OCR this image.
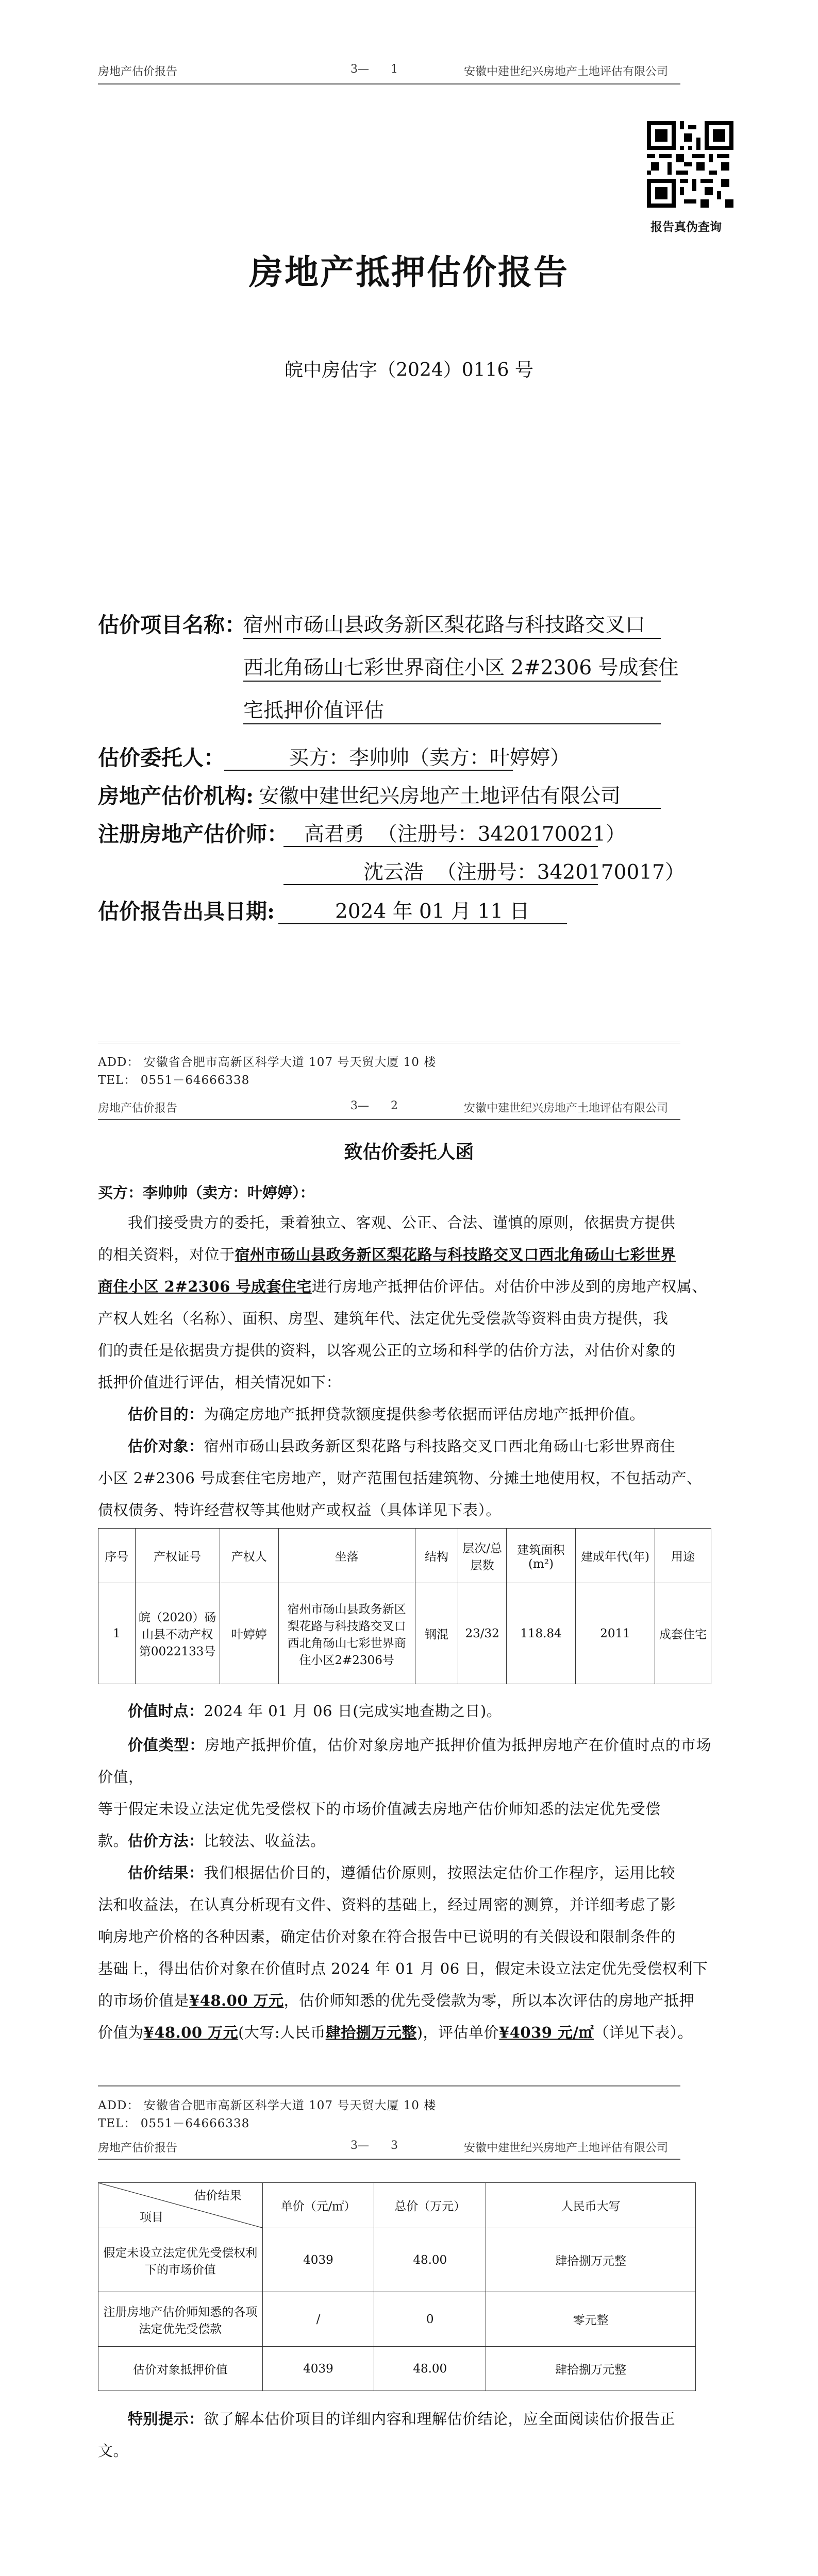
房地产估价报告	3—      1	安徽中建世纪兴房地产土地评估有限公司
报告真伪查询
房地产抵押估价报告
皖中房估字（2024）0116 号
估价项目名称：
宿州市砀山县政务新区梨花路与科技路交叉口
西北角砀山七彩世界商住小区 2#2306 号成套住
宅抵押价值评估
估价委托人：	买方：李帅帅（卖方：叶婷婷）
房地产估价机构: 安徽中建世纪兴房地产土地评估有限公司
注册房地产估价师： 高君勇  （注册号：3420170021）
沈云浩  （注册号：3420170017）
估价报告出具日期:	2024 年 01 月 11 日
ADD： 安徽省合肥市高新区科学大道 107 号天贸大厦 10 楼
TEL： 0551－64666338
房地产估价报告	3—      2	安徽中建世纪兴房地产土地评估有限公司
致估价委托人函
买方：李帅帅（卖方：叶婷婷）：
我们接受贵方的委托，秉着独立、客观、公正、合法、谨慎的原则，依据贵方提供
的相关资料，对位于宿州市砀山县政务新区梨花路与科技路交叉口西北角砀山七彩世界
商住小区 2#2306 号成套住宅进行房地产抵押估价评估。对估价中涉及到的房地产权属、
产权人姓名（名称）、面积、房型、建筑年代、法定优先受偿款等资料由贵方提供，我
们的责任是依据贵方提供的资料，以客观公正的立场和科学的估价方法，对估价对象的
抵押价值进行评估，相关情况如下：
估价目的：为确定房地产抵押贷款额度提供参考依据而评估房地产抵押价值。
估价对象：宿州市砀山县政务新区梨花路与科技路交叉口西北角砀山七彩世界商住
小区 2#2306 号成套住宅房地产，财产范围包括建筑物、分摊土地使用权，不包括动产、
债权债务、特许经营权等其他财产或权益（具体详见下表）。
序号	产权证号	产权人	坐落	结构	层次/总层数	建筑面积(m²)	建成年代(年)	用途
1	皖（2020）砀山县不动产权第0022133号	叶婷婷	宿州市砀山县政务新区梨花路与科技路交叉口西北角砀山七彩世界商住小区2#2306号	钢混	23/32	118.84	2011	成套住宅
价值时点：2024 年 01 月 06 日(完成实地查勘之日)。
价值类型：房地产抵押价值，估价对象房地产抵押价值为抵押房地产在价值时点的市场价值，
等于假定未设立法定优先受偿权下的市场价值减去房地产估价师知悉的法定优先受偿
款。
估价方法：比较法、收益法。
估价结果：我们根据估价目的，遵循估价原则，按照法定估价工作程序，运用比较
法和收益法，在认真分析现有文件、资料的基础上，经过周密的测算，并详细考虑了影
响房地产价格的各种因素，确定估价对象在符合报告中已说明的有关假设和限制条件的
基础上，得出估价对象在价值时点 2024 年 01 月 06 日，假定未设立法定优先受偿权利下
的市场价值是¥48.00 万元，估价师知悉的优先受偿款为零，所以本次评估的房地产抵押
价值为¥48.00 万元(大写:人民币肆拾捌万元整)，评估单价¥4039 元/㎡（详见下表）。
ADD： 安徽省合肥市高新区科学大道 107 号天贸大厦 10 楼
TEL： 0551－64666338
房地产估价报告	3—      3	安徽中建世纪兴房地产土地评估有限公司
估价结果
项目	单价（元/㎡）	总价（万元）	人民币大写
假定未设立法定优先受偿权利下的市场价值	4039	48.00	肆拾捌万元整
注册房地产估价师知悉的各项法定优先受偿款	/	0	零元整
估价对象抵押价值	4039	48.00	肆拾捌万元整
特别提示：欲了解本估价项目的详细内容和理解估价结论，应全面阅读估价报告正
文。
